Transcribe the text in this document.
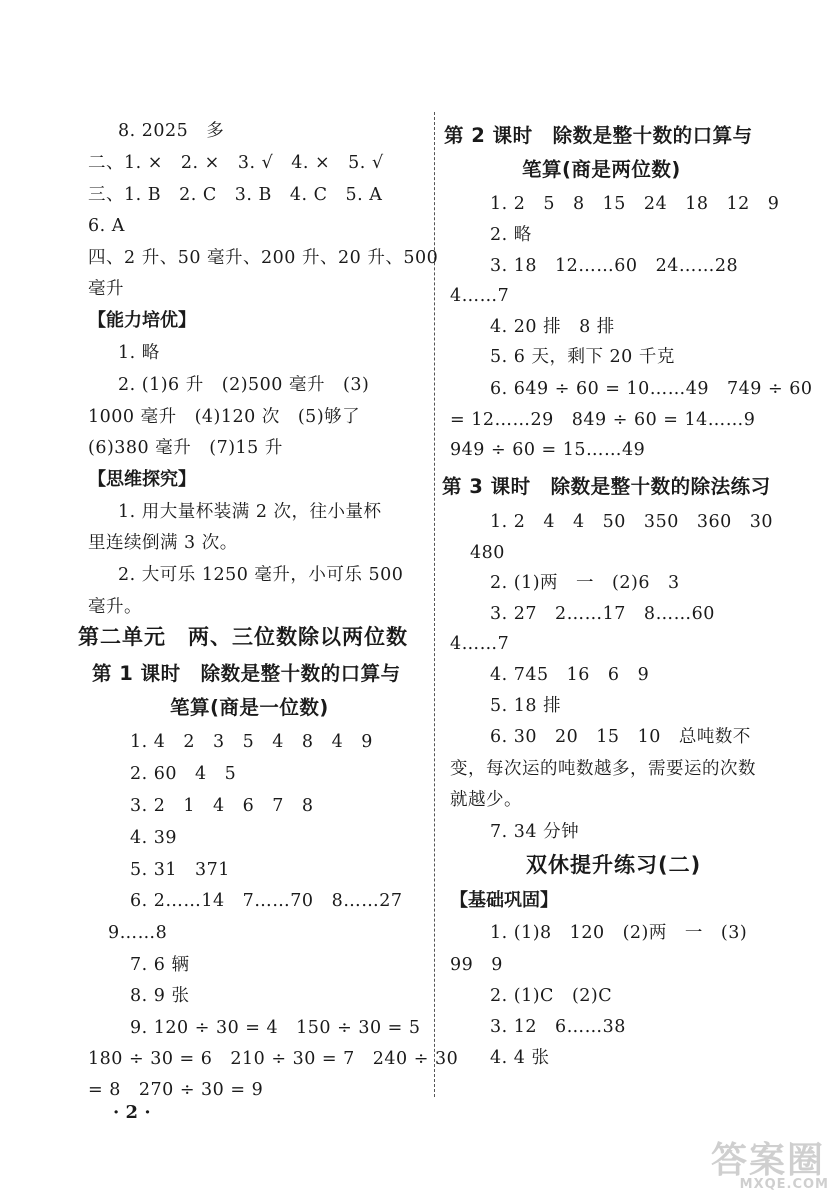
8. 2025　多
二、1. ×　2. ×　3. √　4. ×　5. √
三、1. B　2. C　3. B　4. C　5. A
6. A
四、2 升、50 毫升、200 升、20 升、500
毫升
【能力培优】
1. 略
2. (1)6 升　(2)500 毫升　(3)
1000 毫升　(4)120 次　(5)够了
(6)380 毫升　(7)15 升
【思维探究】
1. 用大量杯装满 2 次，往小量杯
里连续倒满 3 次。
2. 大可乐 1250 毫升，小可乐 500
毫升。
第二单元　两、三位数除以两位数
第 1 课时　除数是整十数的口算与
笔算(商是一位数)
1. 4　2　3　5　4　8　4　9
2. 60　4　5
3. 2　1　4　6　7　8
4. 39
5. 31　371
6. 2……14　7……70　8……27
9……8
7. 6 辆
8. 9 张
9. 120 ÷ 30 = 4　150 ÷ 30 = 5
180 ÷ 30 = 6　210 ÷ 30 = 7　240 ÷ 30
= 8　270 ÷ 30 = 9
第 2 课时　除数是整十数的口算与
笔算(商是两位数)
1. 2　5　8　15　24　18　12　9
2. 略
3. 18　12……60　24……28
4……7
4. 20 排　8 排
5. 6 天，剩下 20 千克
6. 649 ÷ 60 = 10……49　749 ÷ 60
= 12……29　849 ÷ 60 = 14……9
949 ÷ 60 = 15……49
第 3 课时　除数是整十数的除法练习
1. 2　4　4　50　350　360　30
480
2. (1)两　一　(2)6　3
3. 27　2……17　8……60
4……7
4. 745　16　6　9
5. 18 排
6. 30　20　15　10　总吨数不
变，每次运的吨数越多，需要运的次数
就越少。
7. 34 分钟
双休提升练习(二)
【基础巩固】
1. (1)8　120　(2)两　一　(3)
99　9
2. (1)C　(2)C
3. 12　6……38
4. 4 张
· 2 ·
答案圈
MXQE.COM
